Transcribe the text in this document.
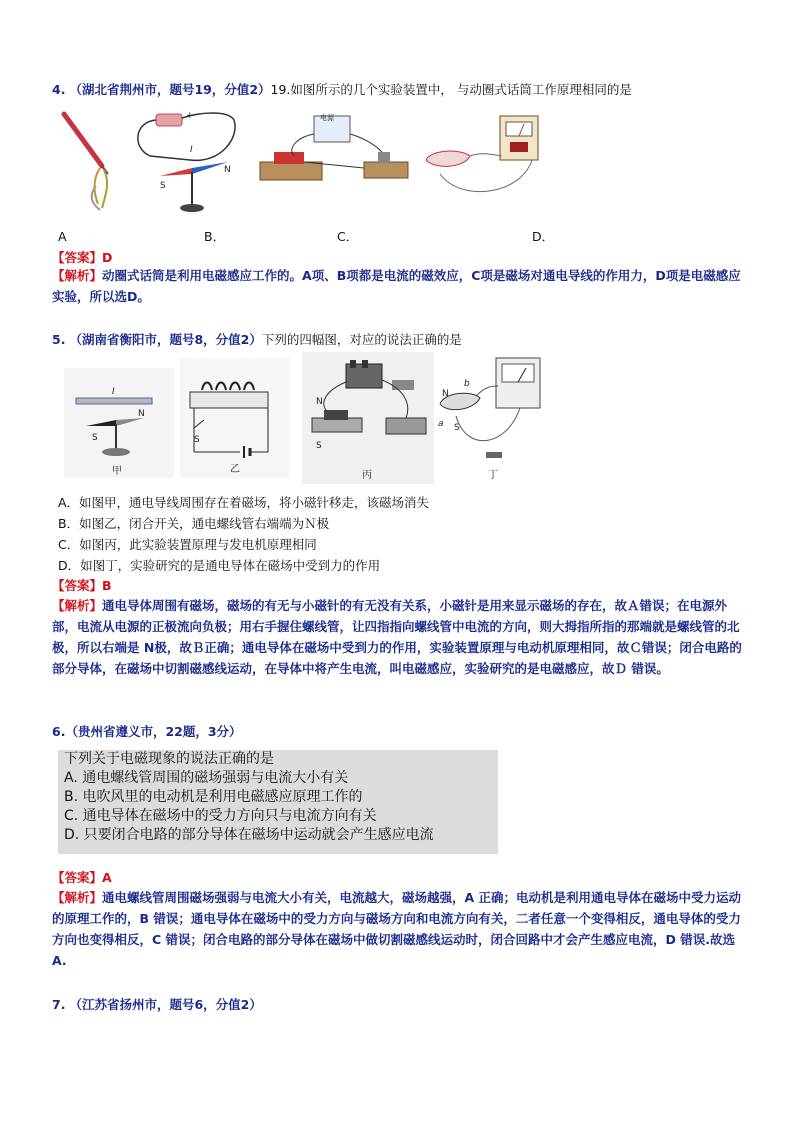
4. （湖北省荆州市，题号19，分值2）19.如图所示的几个实验装置中， 与动圈式话筒工作原理相同的是
+
I
S
N
电源
A	B．	C．	D．
【答案】D
【解析】动圈式话筒是利用电磁感应工作的。A项、B项都是电流的磁效应，C项是磁场对通电导线的作用力，D项是电磁感应实验，所以选D。
5. （湖南省衡阳市，题号8，分值2）下列的四幅图，对应的说法正确的是
I
S
N
甲
S
乙
N
S
丙
N
S
a
b
丁
A．如图甲，通电导线周围存在着磁场，将小磁针移走，该磁场消失
B．如图乙，闭合开关，通电螺线管右端端为Ｎ极
C．如图丙，此实验装置原理与发电机原理相同
D．如图丁，实验研究的是通电导体在磁场中受到力的作用
【答案】B
【解析】通电导体周围有磁场，磁场的有无与小磁针的有无没有关系，小磁针是用来显示磁场的存在，故Ａ错误；在电源外部，电流从电源的正极流向负极；用右手握住螺线管，让四指指向螺线管中电流的方向，则大拇指所指的那端就是螺线管的北极，所以右端是 N极，故Ｂ正确；通电导体在磁场中受到力的作用，实验装置原理与电动机原理相同，故Ｃ错误；闭合电路的部分导体，在磁场中切割磁感线运动，在导体中将产生电流，叫电磁感应，实验研究的是电磁感应，故Ｄ 错误。
6.（贵州省遵义市，22题，3分）
下列关于电磁现象的说法正确的是
A. 通电螺线管周围的磁场强弱与电流大小有关
B. 电吹风里的电动机是利用电磁感应原理工作的
C. 通电导体在磁场中的受力方向只与电流方向有关
D. 只要闭合电路的部分导体在磁场中运动就会产生感应电流
【答案】A
【解析】通电螺线管周围磁场强弱与电流大小有关，电流越大，磁场越强，A 正确；电动机是利用通电导体在磁场中受力运动的原理工作的，B 错误；通电导体在磁场中的受力方向与磁场方向和电流方向有关，二者任意一个变得相反，通电导体的受力方向也变得相反，C 错误；闭合电路的部分导体在磁场中做切割磁感线运动时，闭合回路中才会产生感应电流，D 错误.故选 A.
7. （江苏省扬州市，题号6，分值2）
